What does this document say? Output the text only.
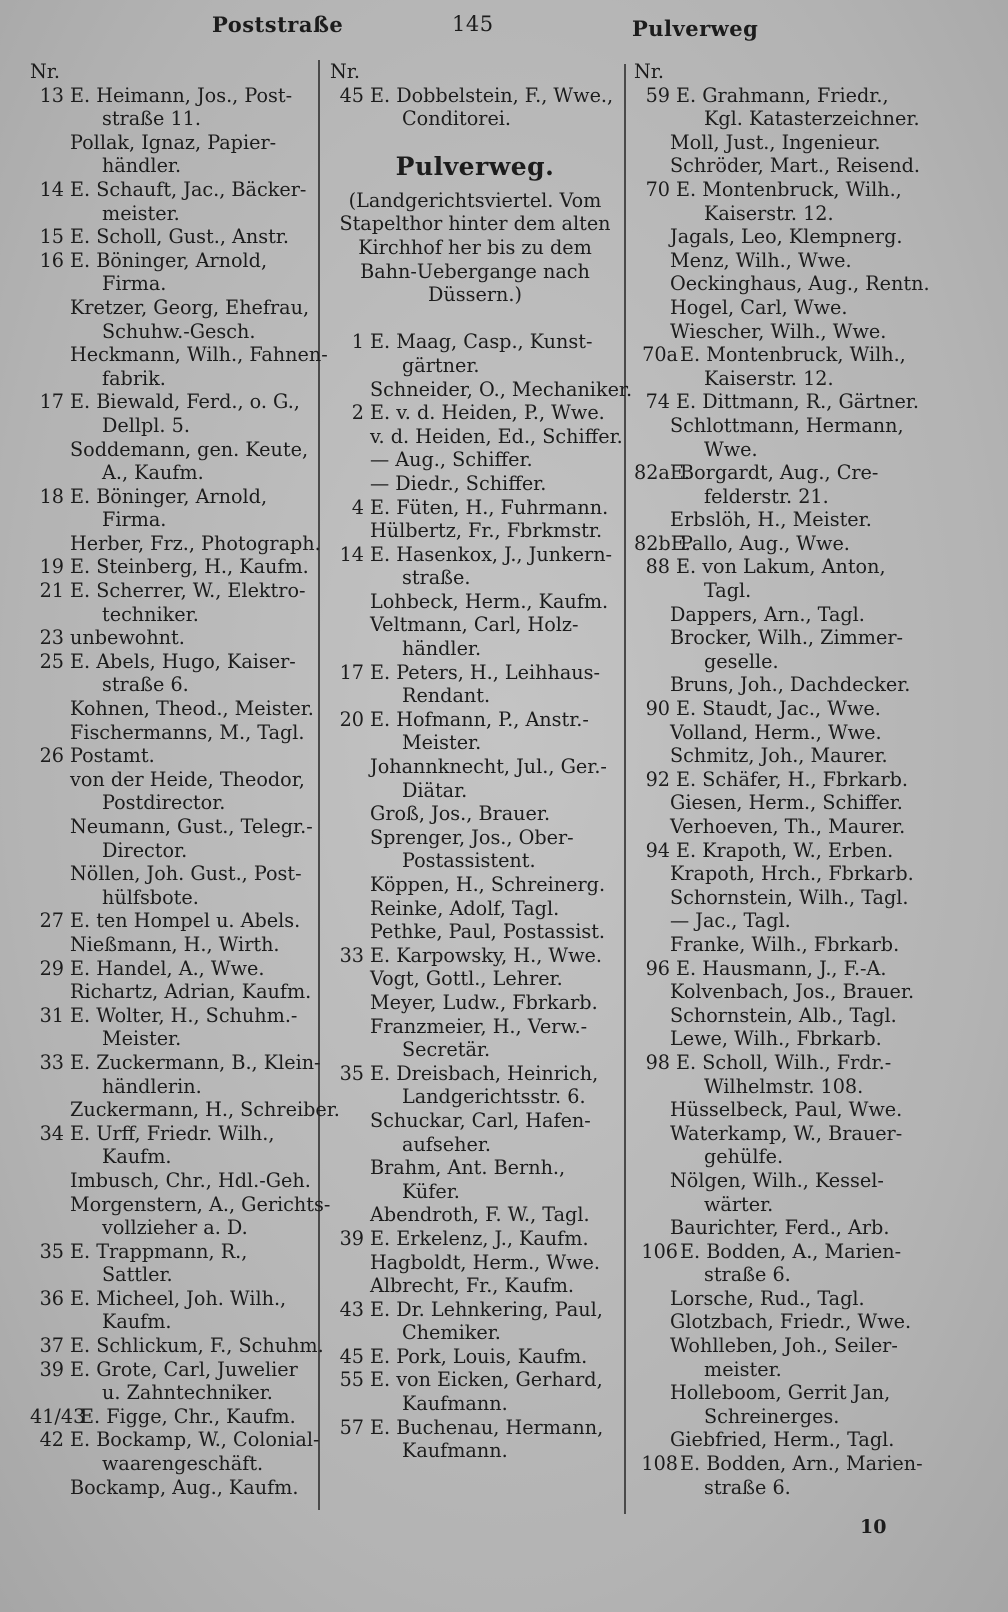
Poststraße	145	Pulverweg
Nr.
13 E. Heimann, Jos., Post-
straße 11.
Pollak, Ignaz, Papier-
händler.
14 E. Schauft, Jac., Bäcker-
meister.
15 E. Scholl, Gust., Anstr.
16 E. Böninger, Arnold,
Firma.
Kretzer, Georg, Ehefrau,
Schuhw.-Gesch.
Heckmann, Wilh., Fahnen-
fabrik.
17 E. Biewald, Ferd., o. G.,
Dellpl. 5.
Soddemann, gen. Keute,
A., Kaufm.
18 E. Böninger, Arnold,
Firma.
Herber, Frz., Photograph.
19 E. Steinberg, H., Kaufm.
21 E. Scherrer, W., Elektro-
techniker.
23 unbewohnt.
25 E. Abels, Hugo, Kaiser-
straße 6.
Kohnen, Theod., Meister.
Fischermanns, M., Tagl.
26 Postamt.
von der Heide, Theodor,
Postdirector.
Neumann, Gust., Telegr.-
Director.
Nöllen, Joh. Gust., Post-
hülfsbote.
27 E. ten Hompel u. Abels.
Nießmann, H., Wirth.
29 E. Handel, A., Wwe.
Richartz, Adrian, Kaufm.
31 E. Wolter, H., Schuhm.-
Meister.
33 E. Zuckermann, B., Klein-
händlerin.
Zuckermann, H., Schreiber.
34 E. Urff, Friedr. Wilh.,
Kaufm.
Imbusch, Chr., Hdl.-Geh.
Morgenstern, A., Gerichts-
vollzieher a. D.
35 E. Trappmann, R.,
Sattler.
36 E. Micheel, Joh. Wilh.,
Kaufm.
37 E. Schlickum, F., Schuhm.
39 E. Grote, Carl, Juwelier
u. Zahntechniker.
41/43E. Figge, Chr., Kaufm.
42 E. Bockamp, W., Colonial-
waarengeschäft.
Bockamp, Aug., Kaufm.
Nr.
45 E. Dobbelstein, F., Wwe.,
Conditorei.
Pulverweg.
(Landgerichtsviertel. Vom
Stapelthor hinter dem alten
Kirchhof her bis zu dem
Bahn-Uebergange nach
Düssern.)
1 E. Maag, Casp., Kunst-
gärtner.
Schneider, O., Mechaniker.
2 E. v. d. Heiden, P., Wwe.
v. d. Heiden, Ed., Schiffer.
— Aug., Schiffer.
— Diedr., Schiffer.
4 E. Füten, H., Fuhrmann.
Hülbertz, Fr., Fbrkmstr.
14 E. Hasenkox, J., Junkern-
straße.
Lohbeck, Herm., Kaufm.
Veltmann, Carl, Holz-
händler.
17 E. Peters, H., Leihhaus-
Rendant.
20 E. Hofmann, P., Anstr.-
Meister.
Johannknecht, Jul., Ger.-
Diätar.
Groß, Jos., Brauer.
Sprenger, Jos., Ober-
Postassistent.
Köppen, H., Schreinerg.
Reinke, Adolf, Tagl.
Pethke, Paul, Postassist.
33 E. Karpowsky, H., Wwe.
Vogt, Gottl., Lehrer.
Meyer, Ludw., Fbrkarb.
Franzmeier, H., Verw.-
Secretär.
35 E. Dreisbach, Heinrich,
Landgerichtsstr. 6.
Schuckar, Carl, Hafen-
aufseher.
Brahm, Ant. Bernh.,
Küfer.
Abendroth, F. W., Tagl.
39 E. Erkelenz, J., Kaufm.
Hagboldt, Herm., Wwe.
Albrecht, Fr., Kaufm.
43 E. Dr. Lehnkering, Paul,
Chemiker.
45 E. Pork, Louis, Kaufm.
55 E. von Eicken, Gerhard,
Kaufmann.
57 E. Buchenau, Hermann,
Kaufmann.
Nr.
59 E. Grahmann, Friedr.,
Kgl. Katasterzeichner.
Moll, Just., Ingenieur.
Schröder, Mart., Reisend.
70 E. Montenbruck, Wilh.,
Kaiserstr. 12.
Jagals, Leo, Klempnerg.
Menz, Wilh., Wwe.
Oeckinghaus, Aug., Rentn.
Hogel, Carl, Wwe.
Wiescher, Wilh., Wwe.
70a E. Montenbruck, Wilh.,
Kaiserstr. 12.
74 E. Dittmann, R., Gärtner.
Schlottmann, Hermann,
Wwe.
82aE.Borgardt, Aug., Cre-
felderstr. 21.
Erbslöh, H., Meister.
82bE.Pallo, Aug., Wwe.
88 E. von Lakum, Anton,
Tagl.
Dappers, Arn., Tagl.
Brocker, Wilh., Zimmer-
geselle.
Bruns, Joh., Dachdecker.
90 E. Staudt, Jac., Wwe.
Volland, Herm., Wwe.
Schmitz, Joh., Maurer.
92 E. Schäfer, H., Fbrkarb.
Giesen, Herm., Schiffer.
Verhoeven, Th., Maurer.
94 E. Krapoth, W., Erben.
Krapoth, Hrch., Fbrkarb.
Schornstein, Wilh., Tagl.
— Jac., Tagl.
Franke, Wilh., Fbrkarb.
96 E. Hausmann, J., F.-A.
Kolvenbach, Jos., Brauer.
Schornstein, Alb., Tagl.
Lewe, Wilh., Fbrkarb.
98 E. Scholl, Wilh., Frdr.-
Wilhelmstr. 108.
Hüsselbeck, Paul, Wwe.
Waterkamp, W., Brauer-
gehülfe.
Nölgen, Wilh., Kessel-
wärter.
Baurichter, Ferd., Arb.
106 E. Bodden, A., Marien-
straße 6.
Lorsche, Rud., Tagl.
Glotzbach, Friedr., Wwe.
Wohlleben, Joh., Seiler-
meister.
Holleboom, Gerrit Jan,
Schreinerges.
Giebfried, Herm., Tagl.
108 E. Bodden, Arn., Marien-
straße 6.
10
